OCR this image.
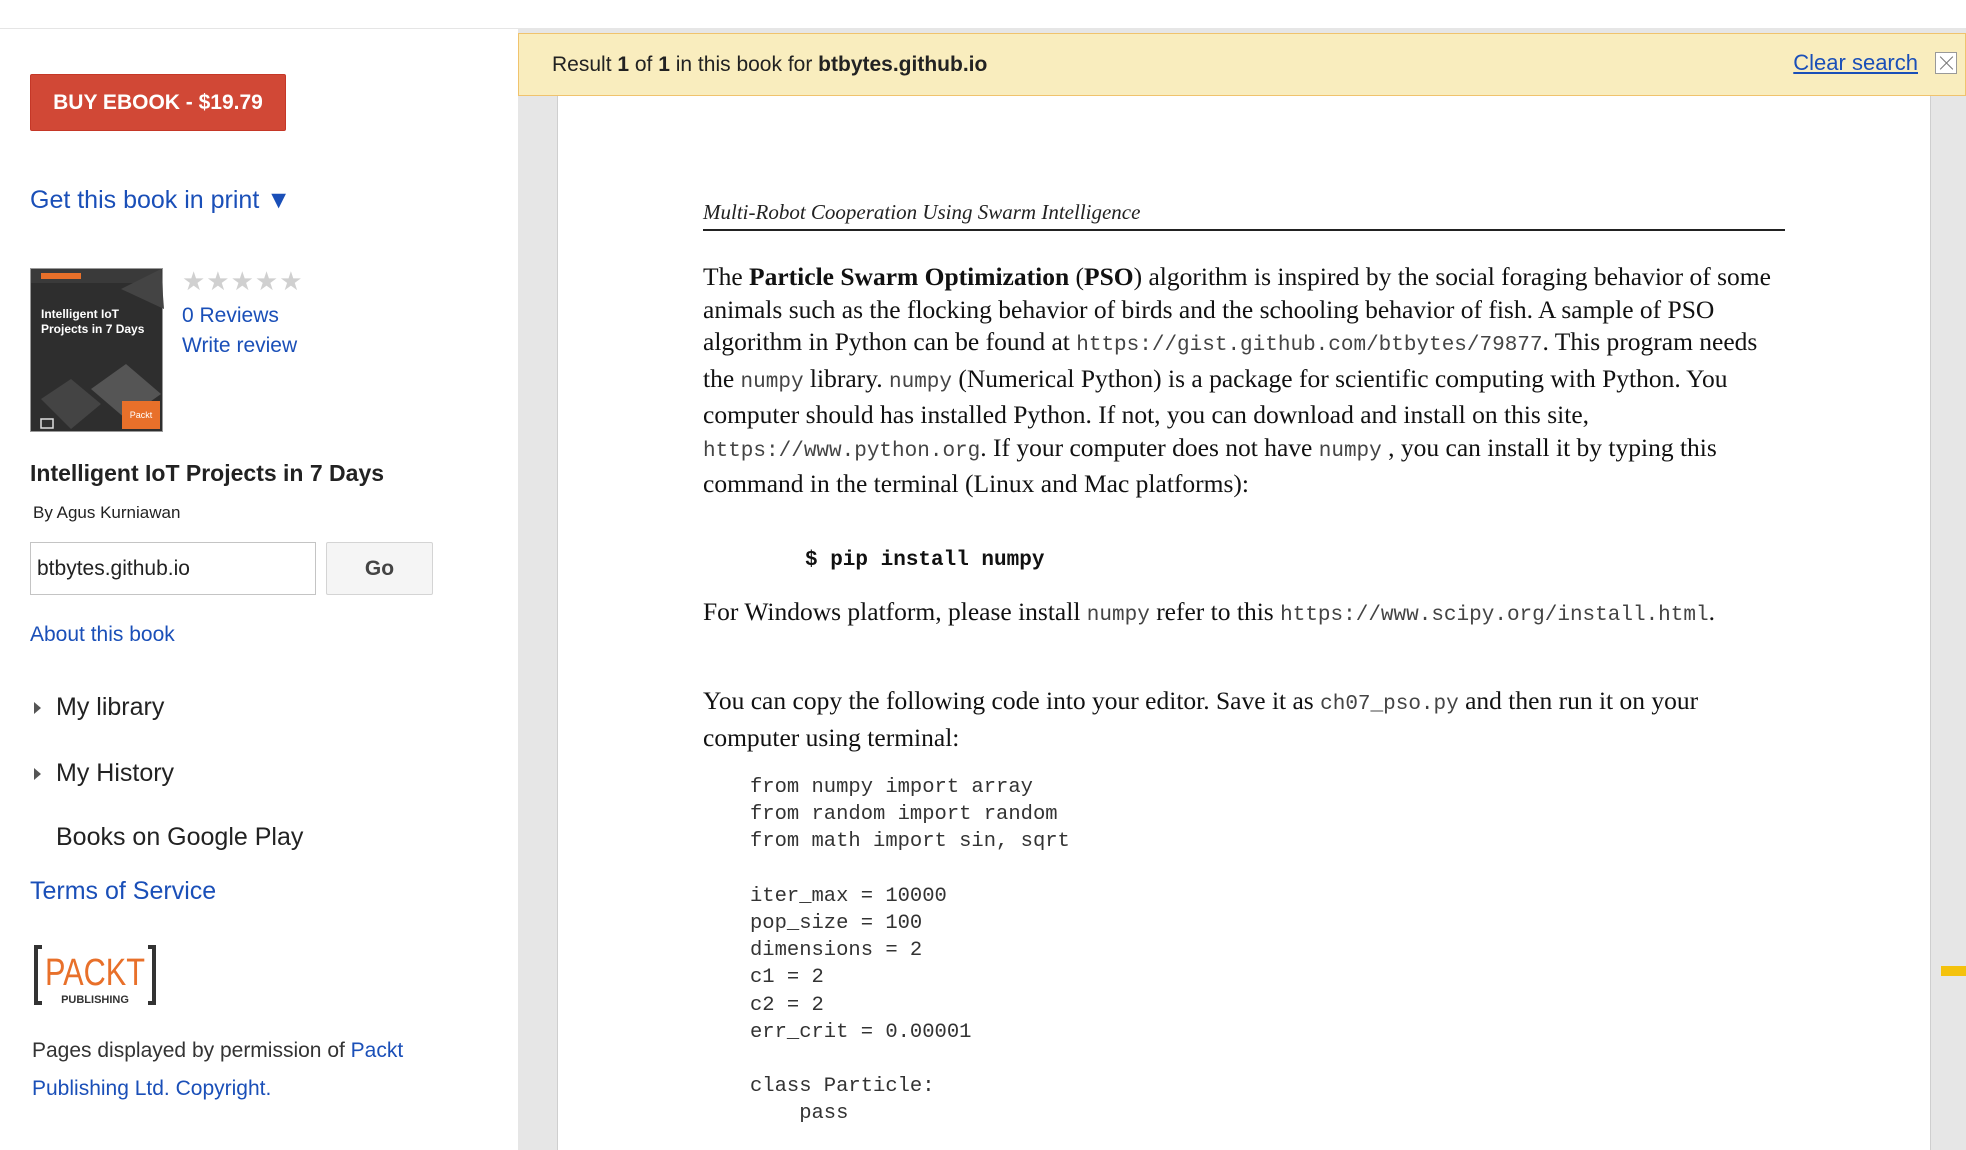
BUY EBOOK - $19.79
Get this book in print ▼
Intelligent IoT Projects in 7 Days
Packt
★★★★★
0 Reviews
Write review
Intelligent IoT Projects in 7 Days
By Agus Kurniawan
btbytes.github.io
Go
About this book
My library
My History
Books on Google Play
Terms of Service
PACKT
PUBLISHING
Pages displayed by permission of Packt Publishing Ltd. Copyright.
Multi-Robot Cooperation Using Swarm Intelligence
The Particle Swarm Optimization (PSO) algorithm is inspired by the social foraging behavior of some animals such as the flocking behavior of birds and the schooling behavior of fish. A sample of PSO algorithm in Python can be found at https://gist.github.com/btbytes/79877. This program needs the numpy library. numpy (Numerical Python) is a package for scientific computing with Python. You computer should has installed Python. If not, you can download and install on this site, https://www.python.org. If your computer does not have numpy , you can install it by typing this command in the terminal (Linux and Mac platforms):
$ pip install numpy
For Windows platform, please install numpy refer to this https://www.scipy.org/install.html.
You can copy the following code into your editor. Save it as ch07_pso.py and then run it on your computer using terminal:
from numpy import array
from random import random
from math import sin, sqrt

iter_max = 10000
pop_size = 100
dimensions = 2
c1 = 2
c2 = 2
err_crit = 0.00001

class Particle:
pass
Result 1 of 1 in this book for btbytes.github.io	Clear search
